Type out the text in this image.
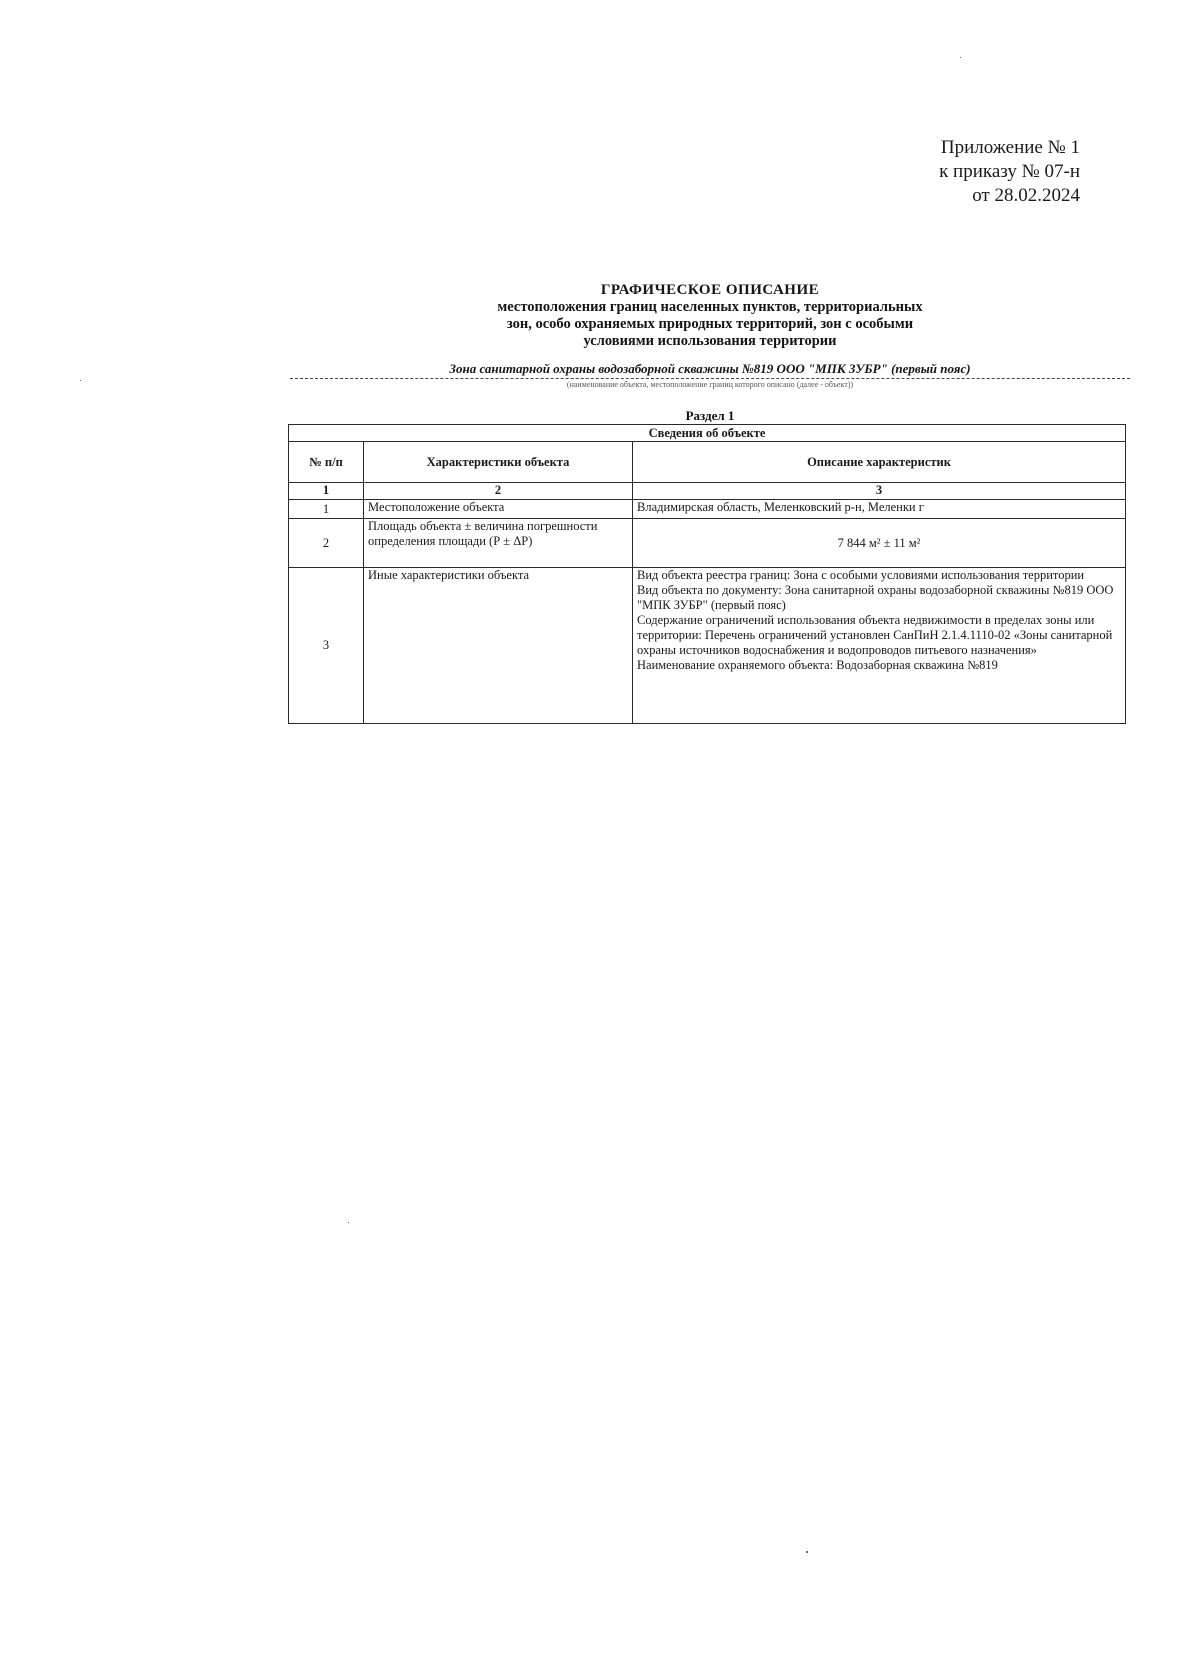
Приложение № 1
к приказу № 07-н
от 28.02.2024
ГРАФИЧЕСКОЕ ОПИСАНИЕ
местоположения границ населенных пунктов, территориальных
зон, особо охраняемых природных территорий, зон с особыми
условиями использования территории
Зона санитарной охраны водозаборной скважины №819 ООО "МПК ЗУБР" (первый пояс)
(наименование объекта, местоположение границ которого описано (далее - объект))
Раздел 1
Сведения об объекте		
№ п/п	Характеристики объекта	Описание характеристик
1	2	3
1	Местоположение объекта	Владимирская область, Меленковский р-н, Меленки г
2	Площадь объекта ± величина погрешности определения площади (Р ± ΔР)	7 844 м² ± 11 м²
3	Иные характеристики объекта	Вид объекта реестра границ: Зона с особыми условиями использования территории
Вид объекта по документу: Зона санитарной охраны водозаборной скважины №819 ООО "МПК ЗУБР" (первый пояс)
Содержание ограничений использования объекта недвижимости в пределах зоны или территории: Перечень ограничений установлен СанПиН 2.1.4.1110-02 «Зоны санитарной охраны источников водоснабжения и водопроводов питьевого назначения»
Наименование охраняемого объекта: Водозаборная скважина №819
